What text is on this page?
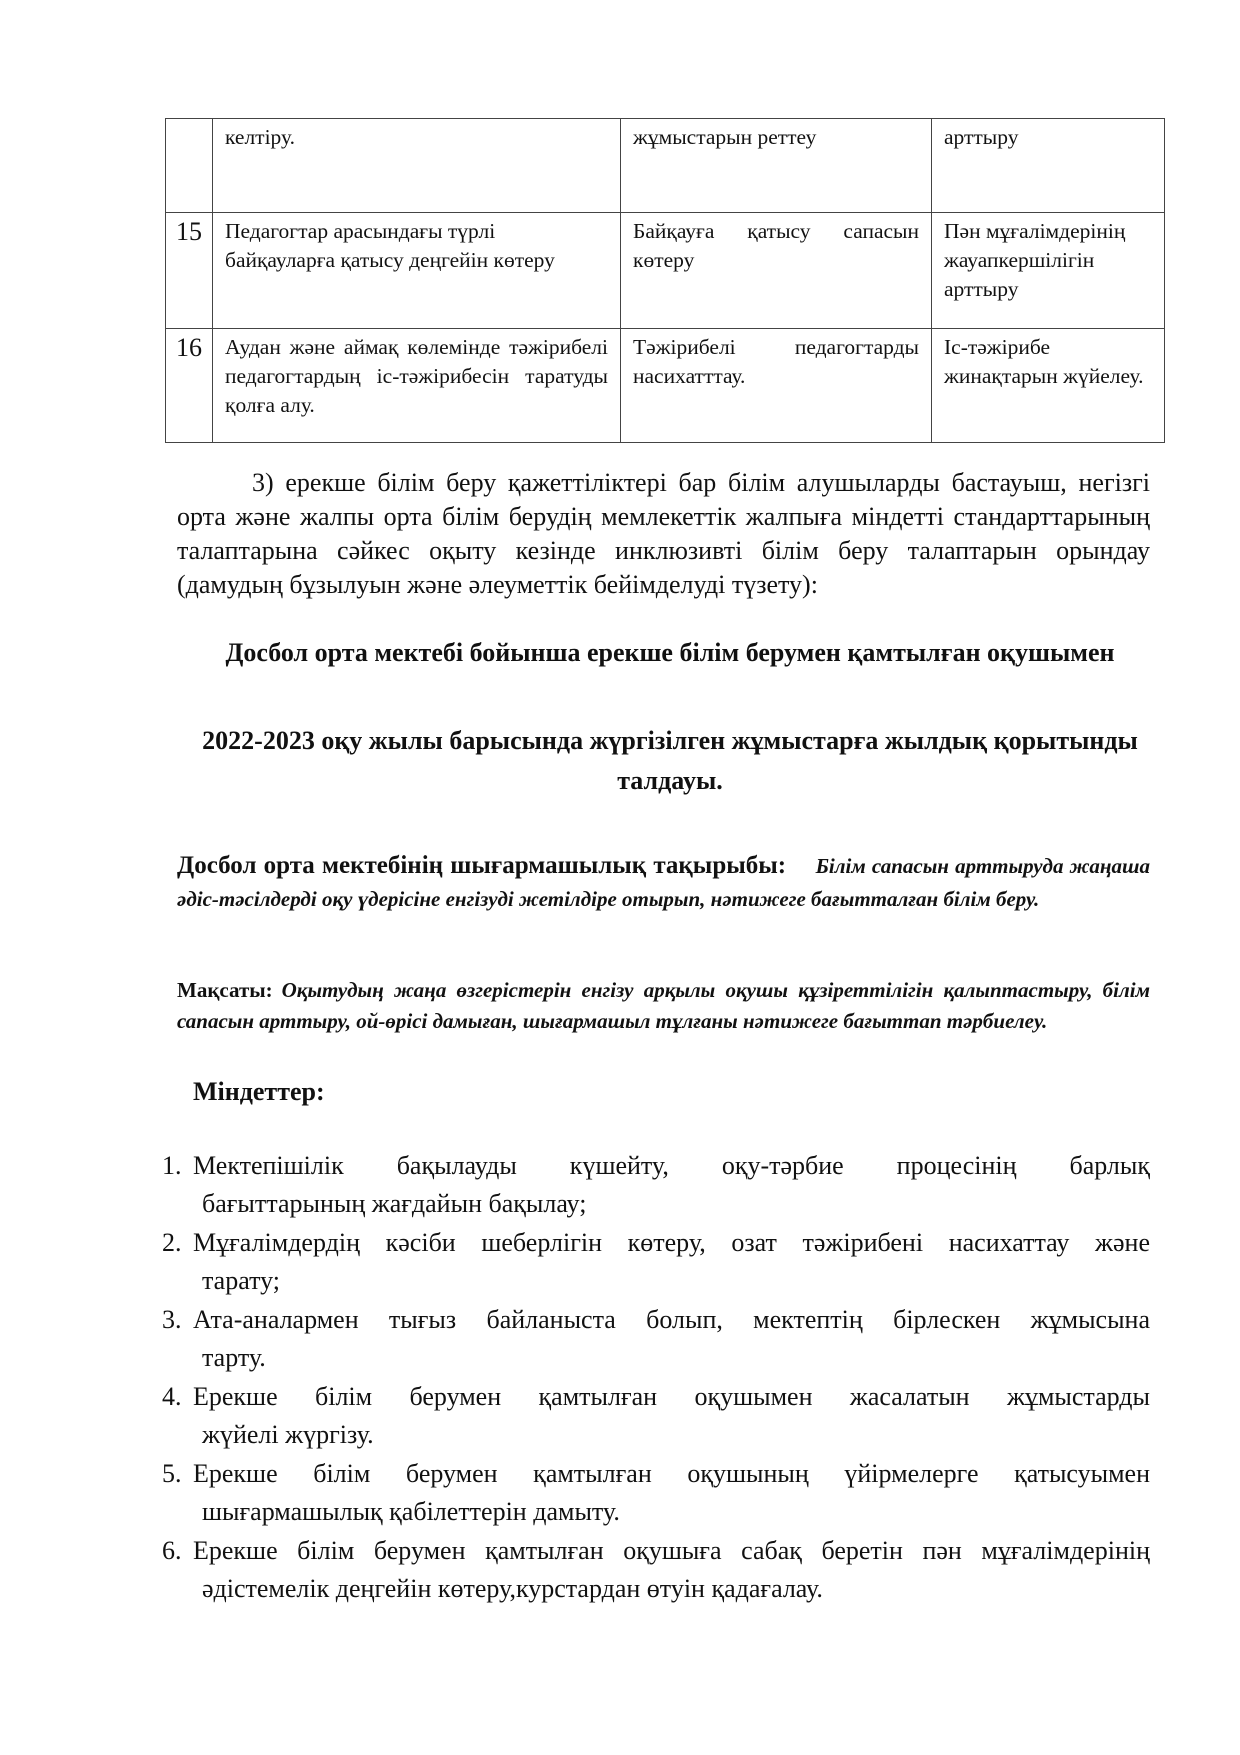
	келтіру.	жұмыстарын реттеу	арттыру
15	Педагогтар арасындағы түрлі байқауларға қатысу деңгейін көтеру	Байқауға қатысу сапасын көтеру	Пән мұғалімдерінің жауапкершілігін арттыру
16	Аудан және аймақ көлемінде тәжірибелі педагогтардың іс-тәжірибесін таратуды қолға алу.	Тәжірибелі педагогтарды насихатттау.	Іс-тәжірибе жинақтарын жүйелеу.

3) ерекше білім беру қажеттіліктері бар білім алушыларды бастауыш, негізгі орта және жалпы орта білім берудің мемлекеттік жалпыға міндетті стандарттарының талаптарына сәйкес оқыту кезінде инклюзивті білім беру талаптарын орындау (дамудың бұзылуын және әлеуметтік бейімделуді түзету):

Досбол орта мектебі бойынша ерекше білім берумен қамтылған оқушымен

2022-2023 оқу жылы барысында жүргізілген жұмыстарға жылдық қорытынды талдауы.

Досбол орта мектебінің шығармашылық тақырыбы: Білім сапасын арттыруда жаңаша әдіс-тәсілдерді оқу үдерісіне енгізуді жетілдіре отырып, нәтижеге бағытталған білім беру.

Мақсаты: Оқытудың жаңа өзгерістерін енгізу арқылы оқушы құзіреттілігін қалыптастыру, білім сапасын арттыру, ой-өрісі дамыған, шығармашыл тұлғаны нәтижеге бағыттап тәрбиелеу.

Міндеттер:

1. Мектепішілік бақылауды күшейту, оқу-тәрбие процесінің барлық
бағыттарының жағдайын бақылау;
2. Мұғалімдердің кәсіби шеберлігін көтеру, озат тәжірибені насихаттау және
тарату;
3. Ата-аналармен тығыз байланыста болып, мектептің бірлескен жұмысына
тарту.
4. Ерекше білім берумен қамтылған оқушымен жасалатын жұмыстарды
жүйелі жүргізу.
5. Ерекше білім берумен қамтылған оқушының үйірмелерге қатысуымен
шығармашылық қабілеттерін дамыту.
6. Ерекше білім берумен қамтылған оқушыға сабақ беретін пән мұғалімдерінің
әдістемелік деңгейін көтеру,курстардан өтуін қадағалау.
